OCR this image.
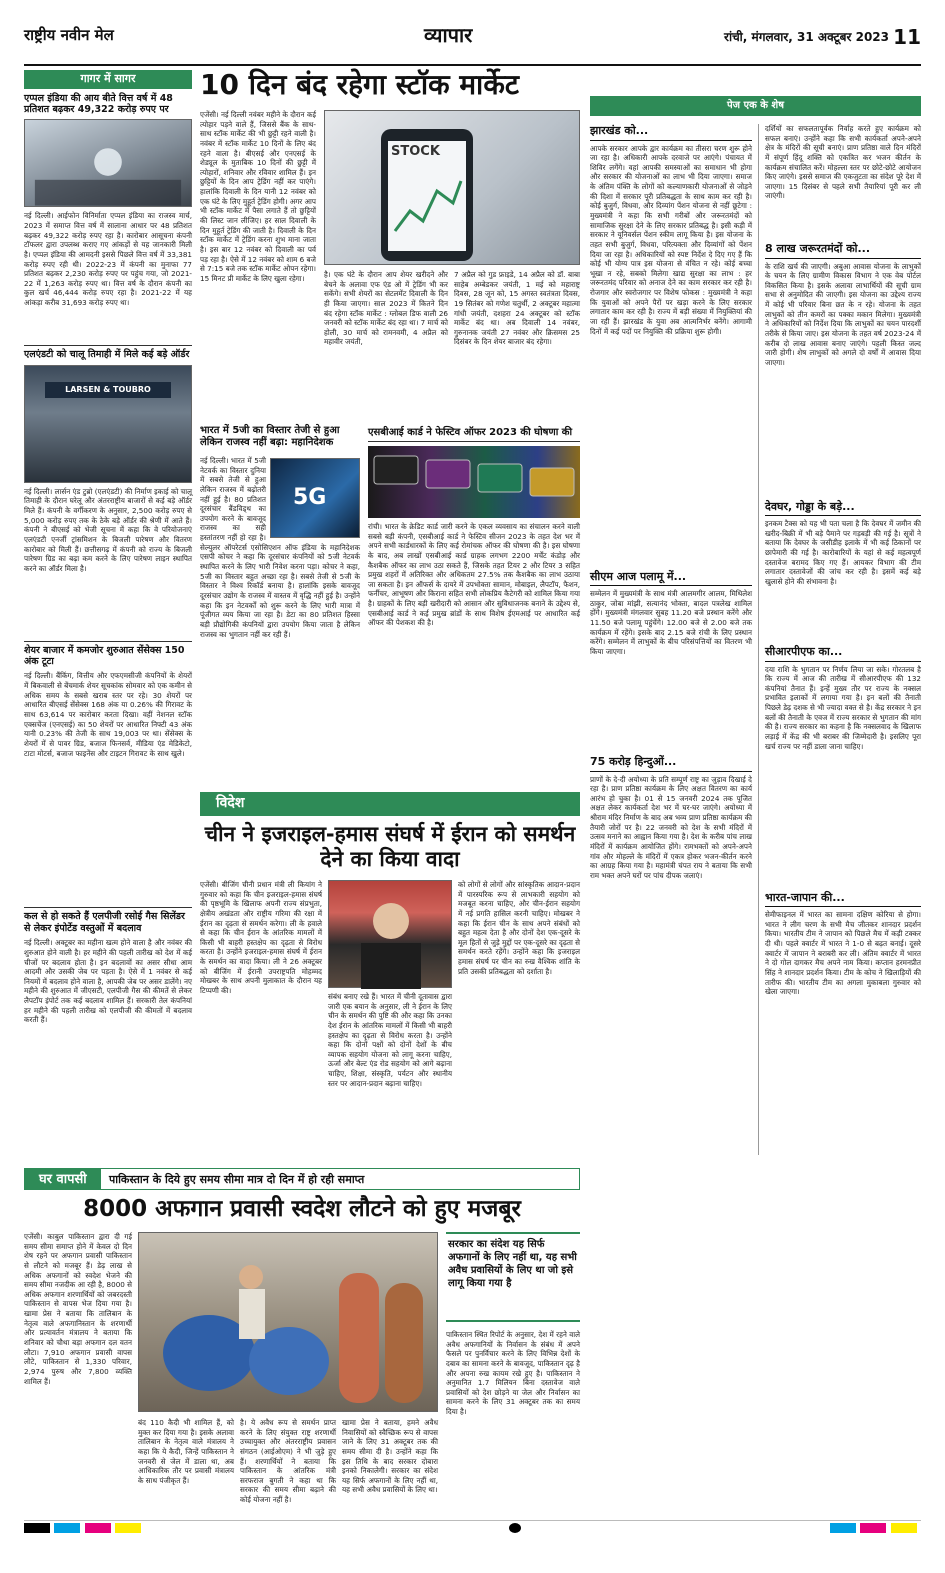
राष्ट्रीय नवीन मेल	व्यापार	रांची, मंगलवार, 31 अक्टूबर 2023 11
गागर में सागर
एप्पल इंडिया की आय बीते वित्त वर्ष में 48 प्रतिशत बढ़कर 49,322 करोड़ रुपए पर
नई दिल्ली। आईफोन विनिर्माता एप्पल इंडिया का राजस्व मार्च, 2023 में समाप्त वित्त वर्ष में सालाना आधार पर 48 प्रतिशत बढ़कर 49,322 करोड़ रुपए रहा है। कारोबार आसूचना कंपनी टॉफलर द्वारा उपलब्ध कराए गए आंकड़ों से यह जानकारी मिली है। एप्पल इंडिया की आमदनी इससे पिछले वित्त वर्ष में 33,381 करोड़ रुपए रही थी। 2022-23 में कंपनी का मुनाफा 77 प्रतिशत बढ़कर 2,230 करोड़ रुपए पर पहुंच गया, जो 2021-22 में 1,263 करोड़ रुपए था। वित्त वर्ष के दौरान कंपनी का कुल खर्च 46,444 करोड़ रुपए रहा है। 2021-22 में यह आंकड़ा करीब 31,693 करोड़ रुपए था।
एलएंडटी को चालू तिमाही में मिले कई बड़े ऑर्डर
LARSEN & TOUBRO
नई दिल्ली। लार्सन एंड टुब्रो (एलएंडटी) की निर्माण इकाई को चालू तिमाही के दौरान घरेलू और अंतरराष्ट्रीय बाजारों से कई बड़े ऑर्डर मिले हैं। कंपनी के वर्गीकरण के अनुसार, 2,500 करोड़ रुपए से 5,000 करोड़ रुपए तक के ठेके बड़े ऑर्डर की श्रेणी में आते हैं। कंपनी ने बीएसई को भेजी सूचना में कहा कि वे परियोजनाएं एलएंडटी एनर्जी ट्रांसमिशन के बिजली पारेषण और वितरण कारोबार को मिली हैं। छत्तीसगढ़ में कंपनी को राज्य के बिजली पारेषण ग्रिड का बढ़ा कम करने के लिए पारेषण लाइन स्थापित करने का ऑर्डर मिला है।
शेयर बाजार में कमजोर शुरुआत सेंसेक्स 150 अंक टूटा
नई दिल्ली। बैंकिंग, वित्तीय और एफएमसीजी कंपनियों के शेयरों में बिकवाली से बेंचमार्क शेयर सूचकांक सोमवार को एक कमीन से अधिक समय के सबसे खराब स्तर पर रहे। 30 शेयरों पर आधारित बीएसई सेंसेक्स 168 अंक या 0.26% की गिरावट के साथ 63,614 पर कारोबार करता दिखा। वहीं नेशनल स्टॉक एक्सचेंज (एनएसई) का 50 शेयरों पर आधारित निफ्टी 43 अंक यानी 0.23% की तेजी के साथ 19,003 पर था। सेंसेक्स के शेयरों में से पावर ग्रिड, बजाज फिनसर्व, मीडिया एंड मेडिकेटो, टाटा मोटर्स, बजाज फाइनेंस और टाइटन गिरावट के साथ खुले।
कल से हो सकते हैं एलपीजी रसोई गैस सिलेंडर से लेकर इंपोर्टेड वस्तुओं में बदलाव
नई दिल्ली। अक्टूबर का महीना खत्म होने वाला है और नवंबर की शुरुआत होने वाली है। हर महीने की पहली तारीख को देश में कई चीजों पर बदलाव होता है। इन बदलावों का असर सीधा आम आदमी और उसकी जेब पर पड़ता है। ऐसे में 1 नवंबर से कई नियमों में बदलाव होने वाला है, आपकी जेब पर असर डालेंगे। नए महीने की शुरुआत में जीएसटी, एलपीजी गैस की कीमतें से लेकर लैपटॉप इंपोर्ट तक कई बदलाव शामिल हैं। सरकारी तेल कंपनियां हर महीने की पहली तारीख को एलपीजी की कीमतों में बदलाव करती हैं।
10 दिन बंद रहेगा स्टॉक मार्केट
एजेंसी। नई दिल्ली नवंबर महीने के दौरान कई त्योहार पड़ने वाले हैं, जिससे बैंक के साथ-साथ स्टॉक मार्केट की भी छुट्टी रहने वाली है। नवंबर में स्टॉक मार्केट 10 दिनों के लिए बंद रहने वाला है। बीएसई और एनएसई के शेड्यूल के मुताबिक 10 दिनों की छुट्टी में त्योहारों, शनिवार और रविवार शामिल हैं। इन छुट्टियों के दिन आप ट्रेडिंग नहीं कर पाएंगे। हालांकि दिवाली के दिन यानी 12 नवंबर को एक घंटे के लिए मुहूर्त ट्रेडिंग होगी। अगर आप भी स्टॉक मार्केट में पैसा लगाते हैं तो छुट्टियों की लिस्ट जान लीजिए। हर साल दिवाली के दिन मुहूर्त ट्रेडिंग की जाती है। दिवाली के दिन स्टॉक मार्केट में ट्रेडिंग करना शुभ माना जाता है। इस बार 12 नवंबर को दिवाली का पर्व पड़ रहा है। ऐसे में 12 नवंबर को शाम 6 बजे से 7:15 बजे तक स्टॉक मार्केट ओपन रहेगा। 15 मिनट प्री मार्केट के लिए खुला रहेगा।
STOCK
है। एक घंटे के दौरान आप शेयर खरीदने और बेचने के अलावा एफ एंड ओ में ट्रेडिंग भी कर सकेंगे। सभी शेयरों का सेटलमेंट दिवाली के दिन ही किया जाएगा। साल 2023 में कितने दिन बंद रहेगा स्टॉक मार्केट : ग्लोबल डिफ वाली 26 जनवरी को स्टॉक मार्केट बंद रहा था। 7 मार्च को होली, 30 मार्च को रामनवमी, 4 अप्रैल को महावीर जयंती,
7 अप्रैल को गुड फ्राइडे, 14 अप्रैल को डॉ. बाबा साहेब अम्बेडकर जयंती, 1 मई को महाराष्ट्र दिवस, 28 जून को, 15 अगस्त स्वतंत्रता दिवस, 19 सितंबर को गणेश चतुर्थी, 2 अक्टूबर महात्मा गांधी जयंती, दशहरा 24 अक्टूबर को स्टॉक मार्केट बंद था। अब दिवाली 14 नवंबर, गुरुनानक जयंती 27 नवंबर और क्रिसमस 25 दिसंबर के दिन शेयर बाजार बंद रहेगा।
भारत में 5जी का विस्तार तेजी से हुआ लेकिन राजस्व नहीं बढ़ा: महानिदेशक
5G
नई दिल्ली। भारत में 5जी नेटवर्क का विस्तार दुनिया में सबसे तेजी से हुआ लेकिन राजस्व में बढ़ोतरी नहीं हुई है। 80 प्रतिशत दूरसंचार बैंडविड्थ का उपयोग करने के बावजूद राजस्व का सही हस्तांतरण नहीं हो रहा है। सेल्युलर ऑपरेटर्स एसोसिएशन ऑफ इंडिया के महानिदेशक एसपी कोचर ने कहा कि दूरसंचार कंपनियों को 5जी नेटवर्क स्थापित करने के लिए भारी निवेश करना पड़ा। कोचर ने कहा, 5जी का विस्तार बहुत अच्छा रहा है। सबसे तेजी से 5जी के विस्तार ने विश्व रिकॉर्ड बनाया है। हालांकि इसके बावजूद दूरसंचार उद्योग के राजस्व में वास्तव में वृद्धि नहीं हुई है। उन्होंने कहा कि इन नेटवर्कों को शुरू करने के लिए भारी मात्रा में पूंजीगत व्यय किया जा रहा है। डेटा का 80 प्रतिशत हिस्सा बड़ी प्रौद्योगिकी कंपनियों द्वारा उपयोग किया जाता है लेकिन राजस्व का भुगतान नहीं कर रही हैं।
एसबीआई कार्ड ने फेस्टिव ऑफर 2023 की घोषणा की
रांची। भारत के क्रेडिट कार्ड जारी करने के एकल व्यवसाय का संचालन करने वाली सबसे बड़ी कंपनी, एसबीआई कार्ड ने फेस्टिव सीजन 2023 के तहत देश भर में अपने सभी कार्डधारकों के लिए कई रोमांचक ऑफर की घोषणा की है। इस घोषणा के बाद, अब लाखों एसबीआई कार्ड ग्राहक लगभग 2200 मर्चेंट कंडोड़ और कैशबैक ऑफर का लाभ उठा सकते हैं, जिसके तहत टियर 2 और टियर 3 सहित प्रमुख शहरों में अतिरिक्त और अधिकतम 27.5% तक कैशबैक का लाभ उठाया जा सकता है। इन ऑफर्स के दायरे में उपभोक्ता सामान, मोबाइल, लैपटॉप, फैशन, फर्नीचर, आभूषण और किराना सहित सभी लोकप्रिय कैटेगरी को शामिल किया गया है। ग्राहकों के लिए बड़ी खरीदारी को आसान और सुविधाजनक बनाने के उद्देश्य से, एसबीआई कार्ड ने कई प्रमुख ब्रांडों के साथ विशेष ईएमआई पर आधारित कई ऑफर की पेशकश की है।
विदेश
चीन ने इजराइल-हमास संघर्ष में ईरान को समर्थन देने का किया वादा
एजेंसी। बीजिंग चीनी प्रधान मंत्री ली कियांग ने गुरुवार को कहा कि चीन इजराइल-हमास संघर्ष की पृष्ठभूमि के खिलाफ अपनी राज्य संप्रभुता, क्षेत्रीय अखंडता और राष्ट्रीय गरिमा की रक्षा में ईरान का दृढ़ता से समर्थन करेगा। ली के हवाले से कहा कि चीन ईरान के आंतरिक मामलों में किसी भी बाहरी हस्तक्षेप का दृढ़ता से विरोध करता है। उन्होंने इजराइल-हमास संघर्ष में ईरान के समर्थन का वादा किया। ली ने 26 अक्टूबर को बीजिंग में ईरानी उपराष्ट्रपति मोहम्मद मोखबर के साथ अपनी मुलाकात के दौरान यह टिप्पणी की।
संबंध बनाए रखे हैं। भारत में चीनी दूतावास द्वारा जारी एक बयान के अनुसार, ली ने ईरान के लिए चीन के समर्थन की पुष्टि की और कहा कि उनका देश ईरान के आंतरिक मामलों में किसी भी बाहरी हस्तक्षेप का दृढ़ता से विरोध करता है। उन्होंने कहा कि दोनों पक्षों को दोनों देशों के बीच व्यापक सहयोग योजना को लागू करना चाहिए, ऊर्जा और बेल्ट एंड रोड सहयोग को आगे बढ़ाना चाहिए, शिक्षा, संस्कृति, पर्यटन और स्थानीय स्तर पर आदान-प्रदान बढ़ाना चाहिए।
को लोगों से लोगों और सांस्कृतिक आदान-प्रदान में पारस्परिक रूप से लाभकारी सहयोग को मजबूत करना चाहिए, और चीन-ईरान सहयोग में नई प्रगति हासिल करनी चाहिए। मोखबर ने कहा कि ईरान चीन के साथ अपने संबंधों को बहुत महत्व देता है और दोनों देश एक-दूसरे के मूल हितों से जुड़े मुद्दों पर एक-दूसरे का दृढ़ता से समर्थन करते रहेंगे। उन्होंने कहा कि इजराइल हमास संघर्ष पर चीन का रुख वैश्विक शांति के प्रति उसकी प्रतिबद्धता को दर्शाता है।
पेज एक के शेष
झारखंड को...
आपके सरकार आपके द्वार कार्यक्रम का तीसरा चरण शुरू होने जा रहा है। अधिकारी आपके दरवाजे पर आएंगे। पंचायत में शिविर लगेंगे। वहां आपकी समस्याओं का समाधान भी होगा और सरकार की योजनाओं का लाभ भी दिया जाएगा। समाज के अंतिम पंक्ति के लोगों को कल्याणकारी योजनाओं से जोड़ने की दिशा में सरकार पूरी प्रतिबद्धता के साथ काम कर रही है। कोई बुजुर्ग, विधवा, और दिव्यांग पेंशन योजना से नहीं छूटेगा : मुख्यमंत्री ने कहा कि सभी गरीबों और जरूरतमंदों को सामाजिक सुरक्षा देने के लिए सरकार प्रतिबद्ध है। इसी कड़ी में सरकार ने यूनिवर्सल पेंशन स्कीम लागू किया है। इस योजना के तहत सभी बुजुर्ग, विधवा, परित्यक्ता और दिव्यांगों को पेंशन दिया जा रहा है। अधिकारियों को स्पष्ट निर्देश दे दिए गए हैं कि कोई भी योग्य पात्र इस योजना से वंचित न रहे। कोई बच्चा भूखा न रहे, सबको मिलेगा खाद्य सुरक्षा का लाभ : हर जरूरतमंद परिवार को अनाज देने का काम सरकार कर रही है। रोजगार और स्वरोजगार पर विशेष फोकस : मुख्यमंत्री ने कहा कि युवाओं को अपने पैरों पर खड़ा करने के लिए सरकार लगातार काम कर रही है। राज्य में बड़ी संख्या में नियुक्तियां की जा रही हैं। झारखंड के युवा अब आत्मनिर्भर बनेंगे। आगामी दिनों में कई पदों पर नियुक्ति की प्रक्रिया शुरू होगी।
सीएम आज पलामू में...
सम्मेलन में मुख्यमंत्री के साथ मंत्री आलमगीर आलम, मिथिलेश ठाकुर, जोबा मांझी, सत्यानंद भोक्ता, बादल पत्रलेख शामिल होंगे। मुख्यमंत्री मंगलवार सुबह 11.20 बजे प्रस्थान करेंगे और 11.50 बजे पलामू पहुंचेंगे। 12.00 बजे से 2.00 बजे तक कार्यक्रम में रहेंगे। इसके बाद 2.15 बजे रांची के लिए प्रस्थान करेंगे। सम्मेलन में लाभुकों के बीच परिसंपत्तियों का वितरण भी किया जाएगा।
75 करोड़ हिन्दुओं...
प्राणों के दे-दी अयोध्या के प्रति सम्पूर्ण राष्ट्र का जुड़ाव दिखाई दे रहा है। प्राण प्रतिष्ठा कार्यक्रम के लिए अक्षत वितरण का कार्य आरंभ हो चुका है। 01 से 15 जनवरी 2024 तक पूजित अक्षत लेकर कार्यकर्ता देश भर में घर-घर जाएंगे। अयोध्या में श्रीराम मंदिर निर्माण के बाद अब भव्य प्राण प्रतिष्ठा कार्यक्रम की तैयारी जोरों पर है। 22 जनवरी को देश के सभी मंदिरों में उत्सव मनाने का आह्वान किया गया है। देश के करीब पांच लाख मंदिरों में कार्यक्रम आयोजित होंगे। रामभक्तों को अपने-अपने गांव और मोहल्ले के मंदिरों में एकत्र होकर भजन-कीर्तन करने का आग्रह किया गया है। महामंत्री चंपत राय ने बताया कि सभी राम भक्त अपने घरों पर पांच दीपक जलाएं।
दर्शियों का सफलतापूर्वक निर्वाह करते हुए कार्यक्रम को सफल बनाएं। उन्होंने कहा कि सभी कार्यकर्ता अपने-अपने क्षेत्र के मंदिरों की सूची बनाएं। प्राण प्रतिष्ठा वाले दिन मंदिरों में संपूर्ण हिंदू शक्ति को एकत्रित कर भजन कीर्तन के कार्यक्रम संचालित करें। मोहल्ला स्तर पर छोटे-छोटे आयोजन किए जाएंगे। इससे समाज की एकजुटता का संदेश पूरे देश में जाएगा। 15 दिसंबर से पहले सभी तैयारियां पूरी कर ली जाएंगी।
8 लाख जरूरतमंदों को...
के राशि खर्च की जाएगी। अबुआ आवास योजना के लाभुकों के चयन के लिए ग्रामीण विकास विभाग ने एक वेब पोर्टल विकसित किया है। इसके अलावा लाभार्थियों की सूची ग्राम सभा से अनुमोदित की जाएगी। इस योजना का उद्देश्य राज्य में कोई भी परिवार बिना छत के न रहे। योजना के तहत लाभुकों को तीन कमरों का पक्का मकान मिलेगा। मुख्यमंत्री ने अधिकारियों को निर्देश दिया कि लाभुकों का चयन पारदर्शी तरीके से किया जाए। इस योजना के तहत वर्ष 2023-24 में करीब दो लाख आवास बनाए जाएंगे। पहली किस्त जल्द जारी होगी। शेष लाभुकों को अगले दो वर्षों में आवास दिया जाएगा।
देवघर, गोड्डा के बड़े...
इनकम टैक्स को यह भी पता चला है कि देवघर में जमीन की खरीद-बिक्री में भी बड़े पैमाने पर गड़बड़ी की गई है। सूत्रों ने बताया कि देवघर के जसीडीह इलाके में भी कई ठिकानों पर छापेमारी की गई है। कारोबारियों के यहां से कई महत्वपूर्ण दस्तावेज बरामद किए गए हैं। आयकर विभाग की टीम लगातार दस्तावेजों की जांच कर रही है। इसमें कई बड़े खुलासे होने की संभावना है।
सीआरपीएफ का...
दया राशि के भुगतान पर निर्णय लिया जा सके। गोरतलब है कि राज्य में आज की तारीख में सीआरपीएफ की 132 कंपनियां तैनात हैं। इन्हें मुख्य तौर पर राज्य के नक्सल प्रभावित इलाकों में लगाया गया है। इन बलों की तैनाती पिछले डेढ़ दशक से भी ज्यादा वक्त से है। केंद्र सरकार ने इन बलों की तैनाती के एवज में राज्य सरकार से भुगतान की मांग की है। राज्य सरकार का कहना है कि नक्सलवाद के खिलाफ लड़ाई में केंद्र की भी बराबर की जिम्मेदारी है। इसलिए पूरा खर्च राज्य पर नहीं डाला जाना चाहिए।
भारत-जापान की...
सेमीफाइनल में भारत का सामना दक्षिण कोरिया से होगा। भारत ने लीग चरण के सभी मैच जीतकर शानदार प्रदर्शन किया। भारतीय टीम ने जापान को पिछले मैच में कड़ी टक्कर दी थी। पहले क्वार्टर में भारत ने 1-0 से बढ़त बनाई। दूसरे क्वार्टर में जापान ने बराबरी कर ली। अंतिम क्वार्टर में भारत ने दो गोल दागकर मैच अपने नाम किया। कप्तान हरमनप्रीत सिंह ने शानदार प्रदर्शन किया। टीम के कोच ने खिलाड़ियों की तारीफ की। भारतीय टीम का अगला मुकाबला गुरुवार को खेला जाएगा।
घर वापसी पाकिस्तान के दिये हुए समय सीमा मात्र दो दिन में हो रही समाप्त
8000 अफगान प्रवासी स्वदेश लौटने को हुए मजबूर
एजेंसी। काबुल पाकिस्तान द्वारा दी गई समय सीमा समाप्त होने में केवल दो दिन शेष रहने पर अफगान प्रवासी पाकिस्तान से लौटने को मजबूर हैं। डेढ़ लाख से अधिक अफगानों को स्वदेश भेजने की समय सीमा नजदीक आ रही है, 8000 से अधिक अफगान शरणार्थियों को जबरदस्ती पाकिस्तान से वापस भेज दिया गया है। खामा प्रेस ने बताया कि तालिबान के नेतृत्व वाले अफगानिस्तान के शरणार्थी और प्रत्यावर्तन मंत्रालय ने बताया कि शनिवार को चौथा बड़ा अफगान दल वतन लौटा। 7,910 अफगान प्रवासी वापस लौटे, पाकिस्तान से 1,330 परिवार, 2,974 पुरुष और 7,800 व्यक्ति शामिल हैं।
बंद 110 कैदी भी शामिल हैं, को मुक्त कर दिया गया है। इसके अलावा तालिबान के नेतृत्व वाले मंत्रालय ने कहा कि ये कैदी, जिन्हें पाकिस्तान ने जनवरी से जेल में डाला था, अब आधिकारिक तौर पर प्रवासी मंत्रालय के साथ पंजीकृत हैं।
है। ये अवैध रूप से समर्थन प्राप्त करने के लिए संयुक्त राष्ट्र शरणार्थी उच्चायुक्त और अंतरराष्ट्रीय प्रवासन संगठन (आईओएम) ने भी जुड़े हुए हैं। शरणार्थियों ने बताया कि पाकिस्तान के आंतरिक मंत्री सरफराज बुगती ने कहा था कि सरकार की समय सीमा बढ़ाने की कोई योजना नहीं है।
खामा प्रेस ने बताया, हमने अवैध निवासियों को स्वैच्छिक रूप से वापस जाने के लिए 31 अक्टूबर तक की समय सीमा दी है। उन्होंने कहा कि इस तिथि के बाद सरकार दोबारा इनको निकालेगी। सरकार का संदेश यह सिर्फ अफगानों के लिए नहीं था, यह सभी अवैध प्रवासियों के लिए था।
सरकार का संदेश यह सिर्फ अफगानों के लिए नहीं था, यह सभी अवैध प्रवासियों के लिए था जो इसे लागू किया गया है
पाकिस्तान स्थित रिपोर्ट के अनुसार, देश में रहने वाले अवैध अफगानियों के निर्वासन के संबंध में अपने फैसले पर पुनर्विचार करने के लिए विभिन्न देशों के दबाव का सामना करने के बावजूद, पाकिस्तान दृढ़ है और अपना रुख कायम रखे हुए है। पाकिस्तान ने अनुमानित 1.7 मिलियन बिना दस्तावेज वाले प्रवासियों को देश छोड़ने या जेल और निर्वासन का सामना करने के लिए 31 अक्टूबर तक का समय दिया है।
